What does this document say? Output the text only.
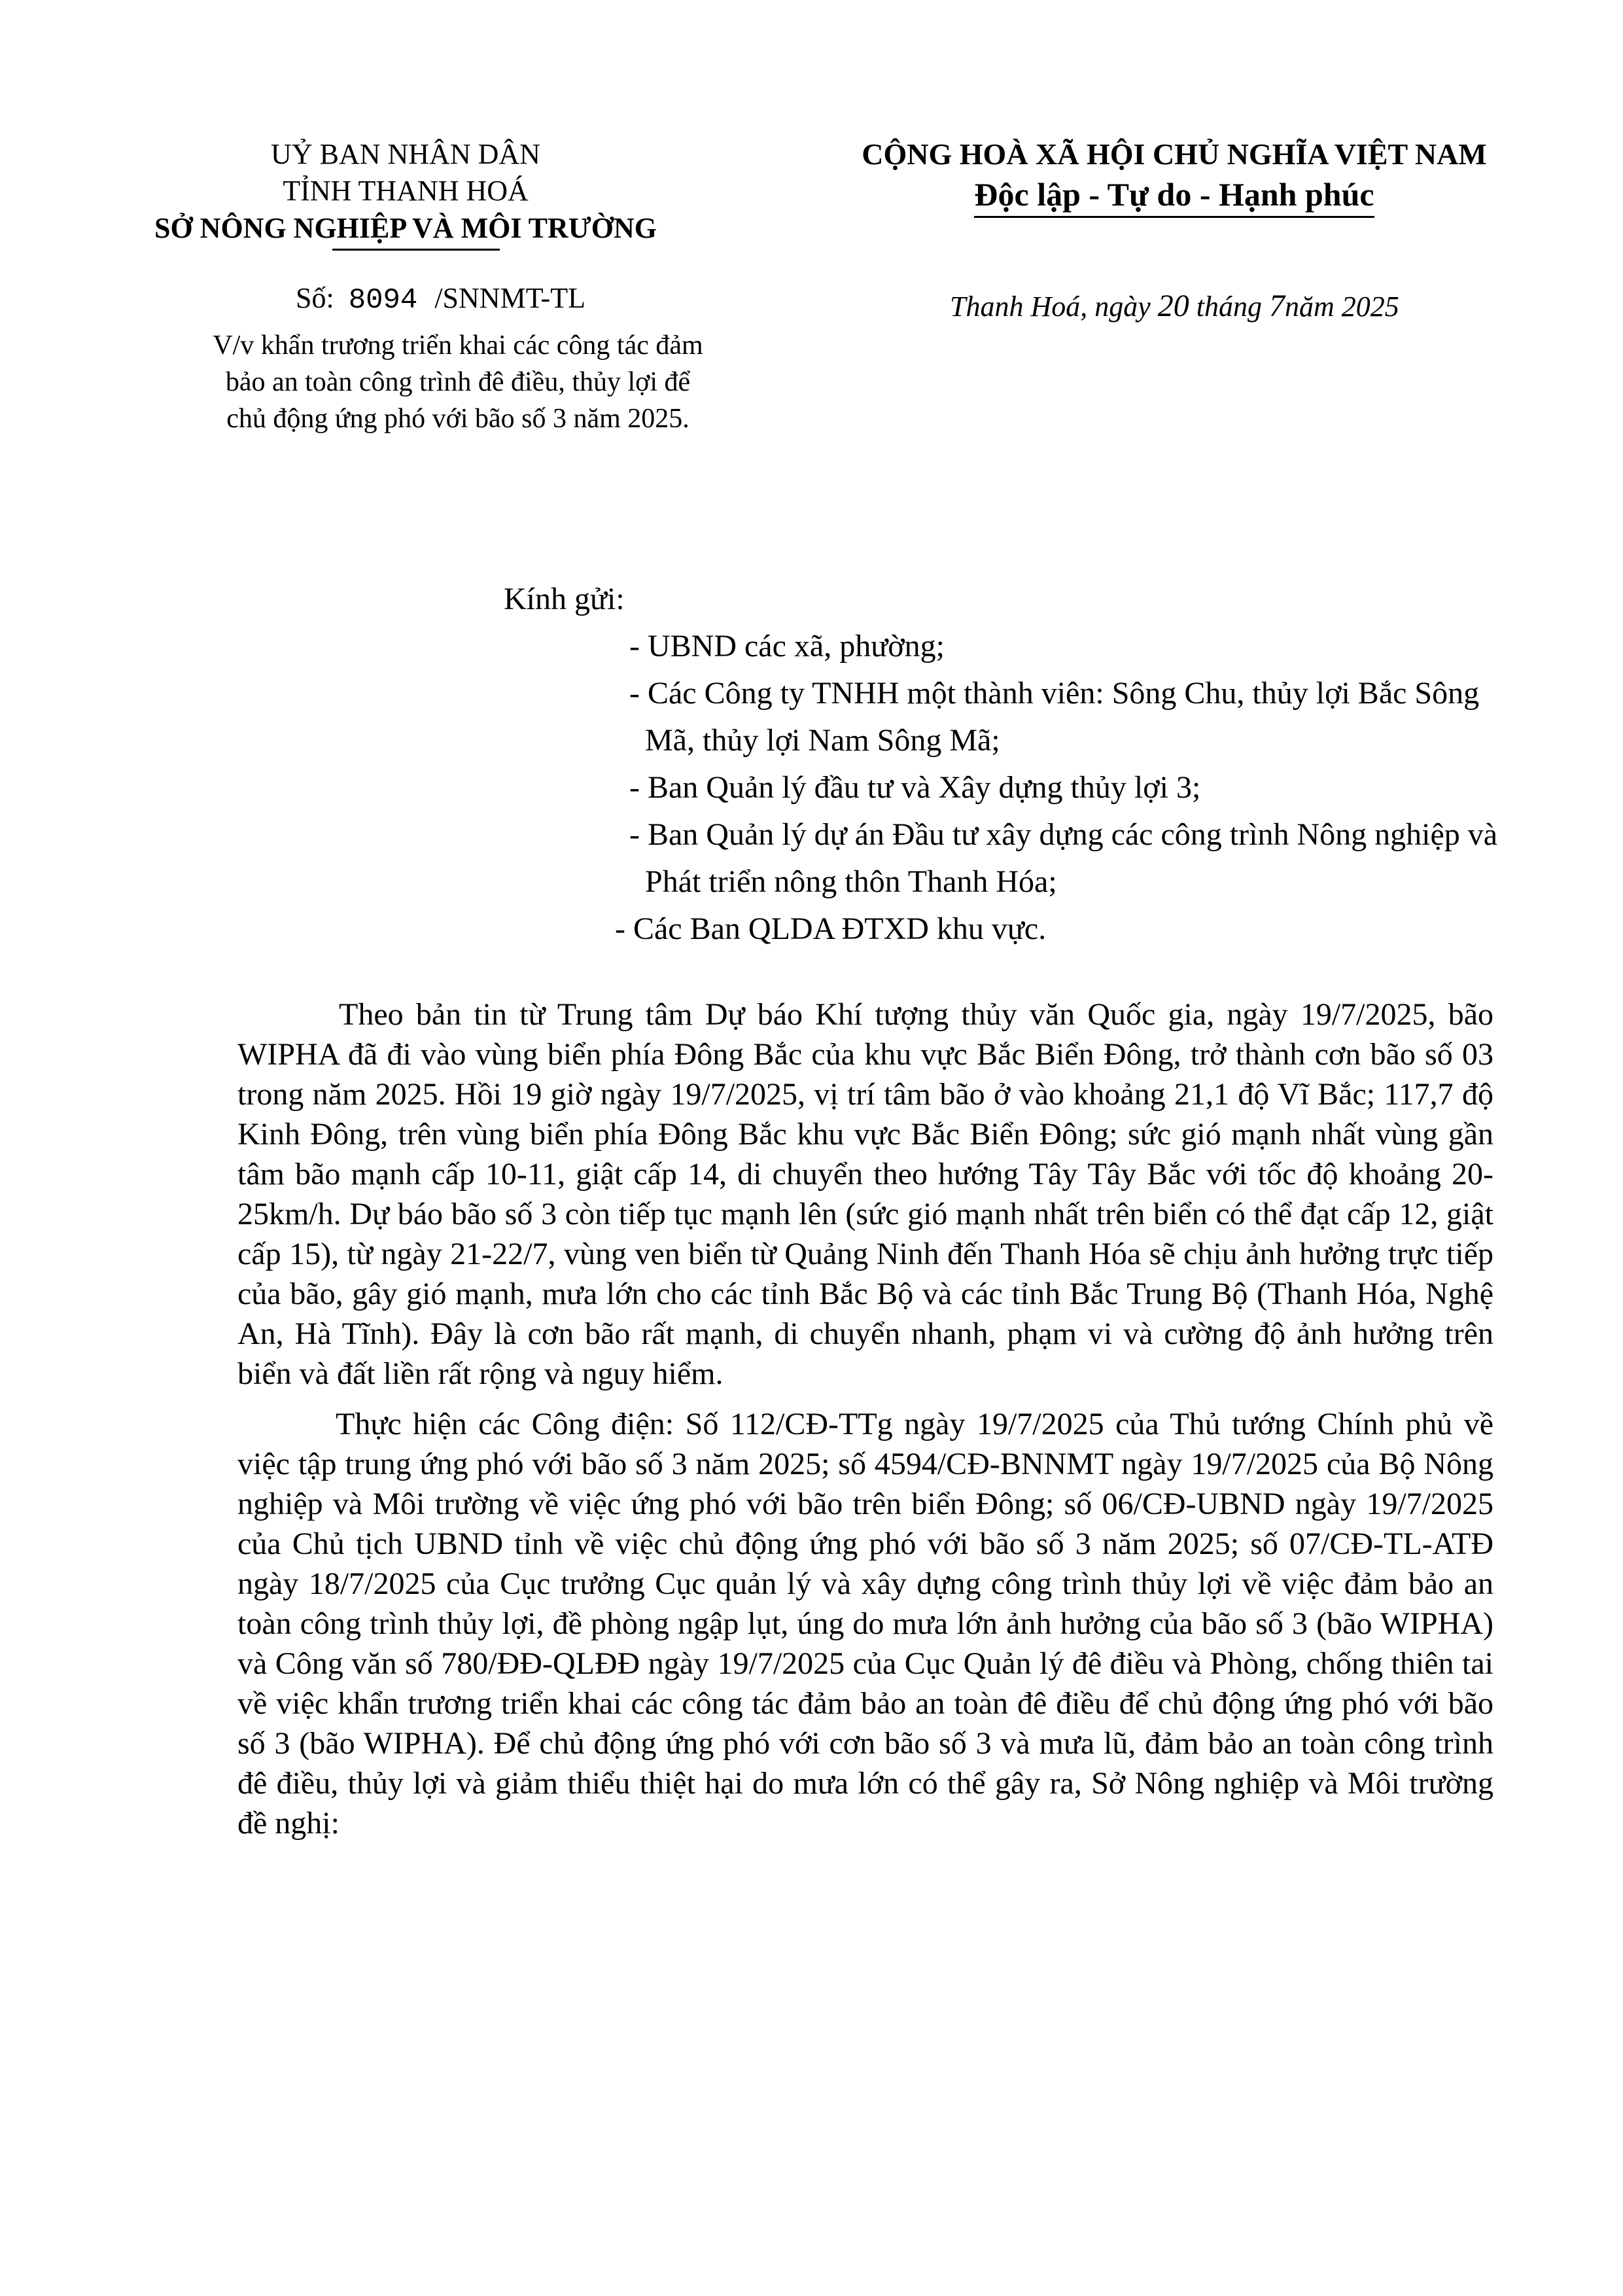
UỶ BAN NHÂN DÂN
TỈNH THANH HOÁ
SỞ NÔNG NGHIỆP VÀ MÔI TRƯỜNG
CỘNG HOÀ XÃ HỘI CHỦ NGHĨA VIỆT NAM
Độc lập - Tự do - Hạnh phúc
Số: 8094 /SNNMT-TL	Thanh Hoá, ngày 20 tháng 7năm 2025
V/v khẩn trương triển khai các công tác đảm
bảo an toàn công trình đê điều, thủy lợi để
chủ động ứng phó với bão số 3 năm 2025.
Kính gửi:
- UBND các xã, phường;
- Các Công ty TNHH một thành viên: Sông Chu, thủy lợi Bắc Sông Mã, thủy lợi Nam Sông Mã;
- Ban Quản lý đầu tư và Xây dựng thủy lợi 3;
- Ban Quản lý dự án Đầu tư xây dựng các công trình Nông nghiệp và Phát triển nông thôn Thanh Hóa;
- Các Ban QLDA ĐTXD khu vực.

Theo bản tin từ Trung tâm Dự báo Khí tượng thủy văn Quốc gia, ngày 19/7/2025, bão WIPHA đã đi vào vùng biển phía Đông Bắc của khu vực Bắc Biển Đông, trở thành cơn bão số 03 trong năm 2025. Hồi 19 giờ ngày 19/7/2025, vị trí tâm bão ở vào khoảng 21,1 độ Vĩ Bắc; 117,7 độ Kinh Đông, trên vùng biển phía Đông Bắc khu vực Bắc Biển Đông; sức gió mạnh nhất vùng gần tâm bão mạnh cấp 10-11, giật cấp 14, di chuyển theo hướng Tây Tây Bắc với tốc độ khoảng 20-25km/h. Dự báo bão số 3 còn tiếp tục mạnh lên (sức gió mạnh nhất trên biển có thể đạt cấp 12, giật cấp 15), từ ngày 21-22/7, vùng ven biển từ Quảng Ninh đến Thanh Hóa sẽ chịu ảnh hưởng trực tiếp của bão, gây gió mạnh, mưa lớn cho các tỉnh Bắc Bộ và các tỉnh Bắc Trung Bộ (Thanh Hóa, Nghệ An, Hà Tĩnh). Đây là cơn bão rất mạnh, di chuyển nhanh, phạm vi và cường độ ảnh hưởng trên biển và đất liền rất rộng và nguy hiểm.

Thực hiện các Công điện: Số 112/CĐ-TTg ngày 19/7/2025 của Thủ tướng Chính phủ về việc tập trung ứng phó với bão số 3 năm 2025; số 4594/CĐ-BNNMT ngày 19/7/2025 của Bộ Nông nghiệp và Môi trường về việc ứng phó với bão trên biển Đông; số 06/CĐ-UBND ngày 19/7/2025 của Chủ tịch UBND tỉnh về việc chủ động ứng phó với bão số 3 năm 2025; số 07/CĐ-TL-ATĐ ngày 18/7/2025 của Cục trưởng Cục quản lý và xây dựng công trình thủy lợi về việc đảm bảo an toàn công trình thủy lợi, đề phòng ngập lụt, úng do mưa lớn ảnh hưởng của bão số 3 (bão WIPHA) và Công văn số 780/ĐĐ-QLĐĐ ngày 19/7/2025 của Cục Quản lý đê điều và Phòng, chống thiên tai về việc khẩn trương triển khai các công tác đảm bảo an toàn đê điều để chủ động ứng phó với bão số 3 (bão WIPHA). Để chủ động ứng phó với cơn bão số 3 và mưa lũ, đảm bảo an toàn công trình đê điều, thủy lợi và giảm thiểu thiệt hại do mưa lớn có thể gây ra, Sở Nông nghiệp và Môi trường đề nghị:
